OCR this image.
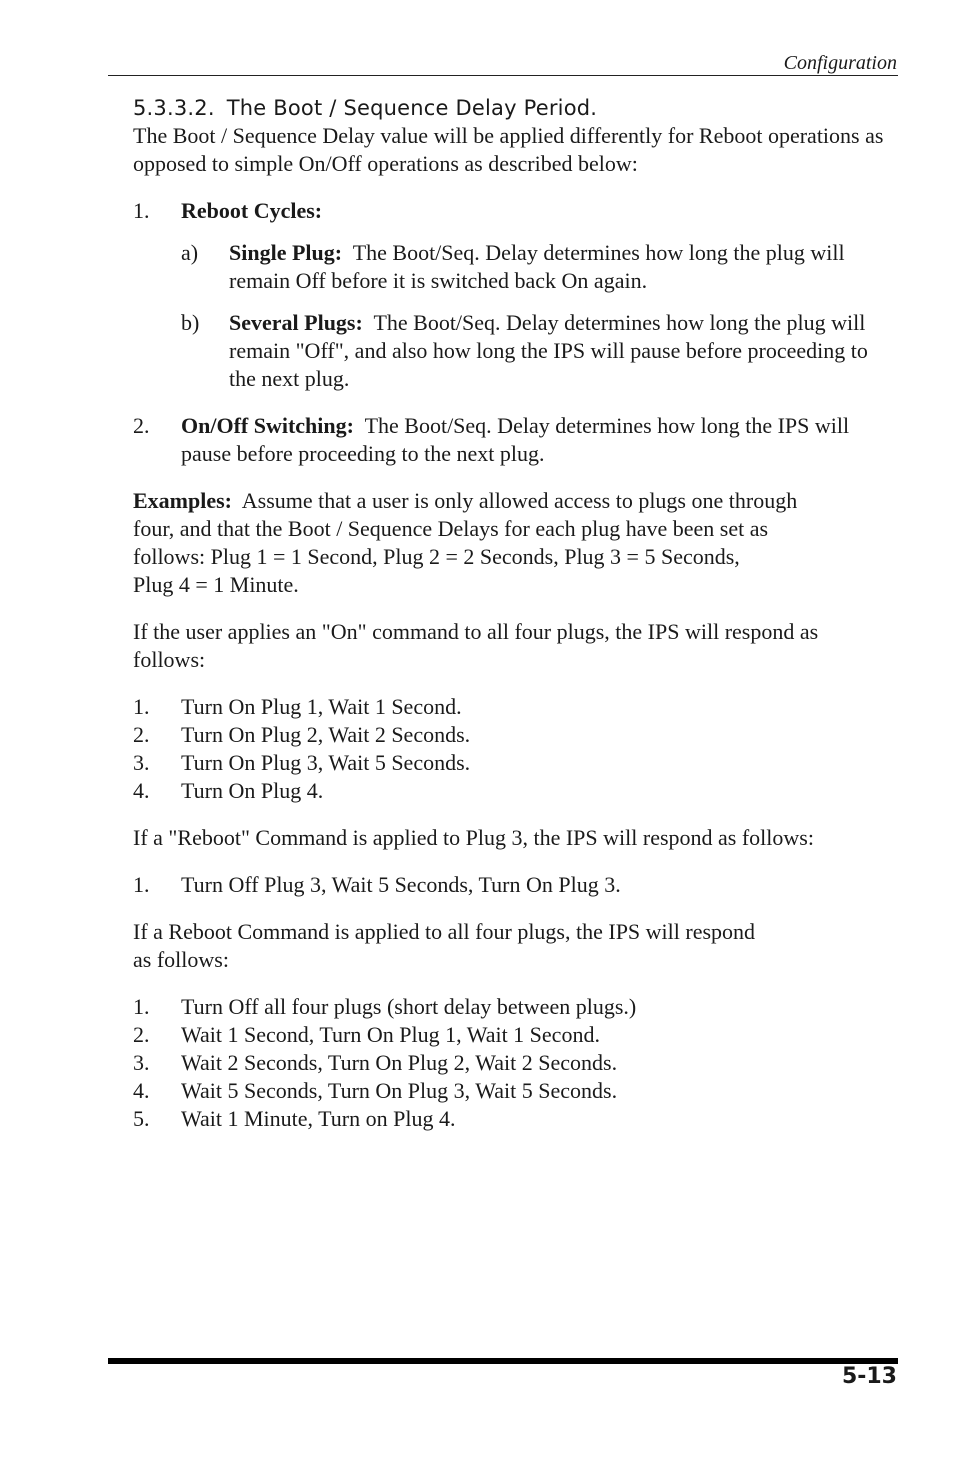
Configuration
5.3.3.2. The Boot / Sequence Delay Period.

The Boot / Sequence Delay value will be applied differently for Reboot operations as opposed to simple On/Off operations as described below:

1. Reboot Cycles:
a) Single Plug: The Boot/Seq. Delay determines how long the plug will remain Off before it is switched back On again.
b) Several Plugs: The Boot/Seq. Delay determines how long the plug will remain "Off", and also how long the IPS will pause before proceeding to the next plug.
2. On/Off Switching: The Boot/Seq. Delay determines how long the IPS will pause before proceeding to the next plug.
Examples: Assume that a user is only allowed access to plugs one through
four, and that the Boot / Sequence Delays for each plug have been set as
follows: Plug 1 = 1 Second, Plug 2 = 2 Seconds, Plug 3 = 5 Seconds,
Plug 4 = 1 Minute.

If the user applies an "On" command to all four plugs, the IPS will respond as follows:

1. Turn On Plug 1, Wait 1 Second.
2. Turn On Plug 2, Wait 2 Seconds.
3. Turn On Plug 3, Wait 5 Seconds.
4. Turn On Plug 4.

If a "Reboot" Command is applied to Plug 3, the IPS will respond as follows:

1. Turn Off Plug 3, Wait 5 Seconds, Turn On Plug 3.
If a Reboot Command is applied to all four plugs, the IPS will respond
as follows:
1. Turn Off all four plugs (short delay between plugs.)
2. Wait 1 Second, Turn On Plug 1, Wait 1 Second.
3. Wait 2 Seconds, Turn On Plug 2, Wait 2 Seconds.
4. Wait 5 Seconds, Turn On Plug 3, Wait 5 Seconds.
5. Wait 1 Minute, Turn on Plug 4.
5-13
